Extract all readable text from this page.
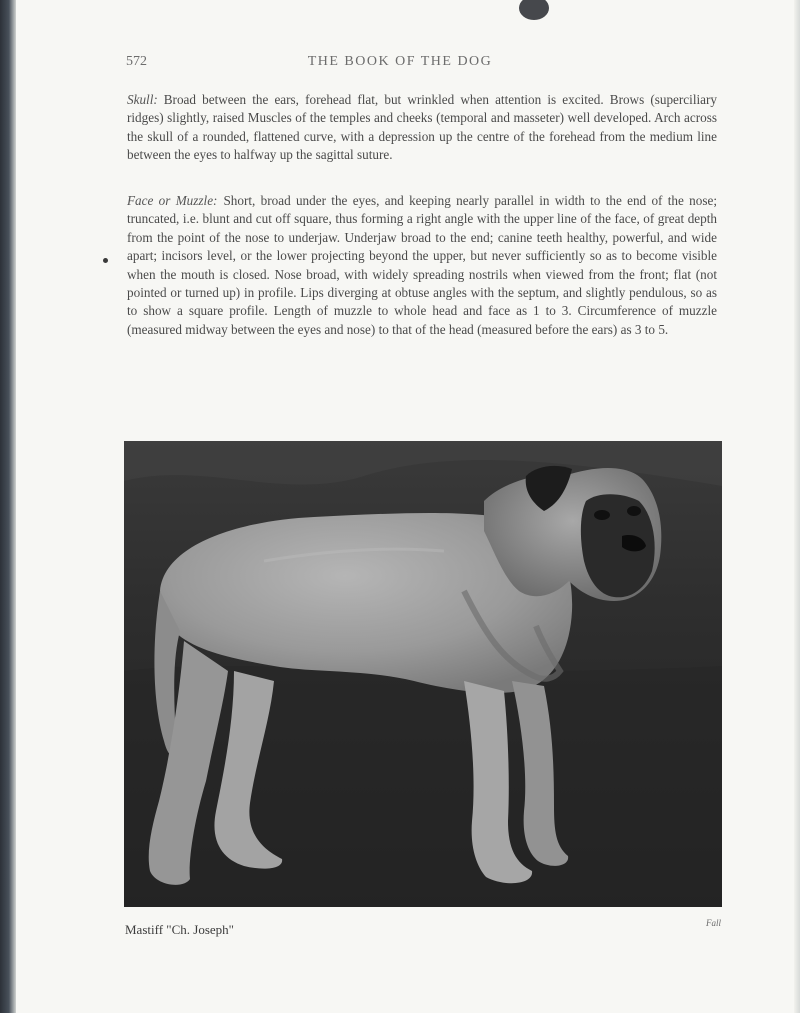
572	THE BOOK OF THE DOG
Skull: Broad between the ears, forehead flat, but wrinkled when attention is excited. Brows (superciliary ridges) slightly, raised Muscles of the temples and cheeks (temporal and masseter) well developed. Arch across the skull of a rounded, flattened curve, with a depression up the centre of the forehead from the medium line between the eyes to halfway up the sagittal suture.
Face or Muzzle: Short, broad under the eyes, and keeping nearly parallel in width to the end of the nose; truncated, i.e. blunt and cut off square, thus forming a right angle with the upper line of the face, of great depth from the point of the nose to underjaw. Underjaw broad to the end; canine teeth healthy, powerful, and wide apart; incisors level, or the lower projecting beyond the upper, but never sufficiently so as to become visible when the mouth is closed. Nose broad, with widely spreading nostrils when viewed from the front; flat (not pointed or turned up) in profile. Lips diverging at obtuse angles with the septum, and slightly pendulous, so as to show a square profile. Length of muzzle to whole head and face as 1 to 3. Circumference of muzzle (measured midway between the eyes and nose) to that of the head (measured before the ears) as 3 to 5.
Mastiff "Ch. Joseph"	Fall
